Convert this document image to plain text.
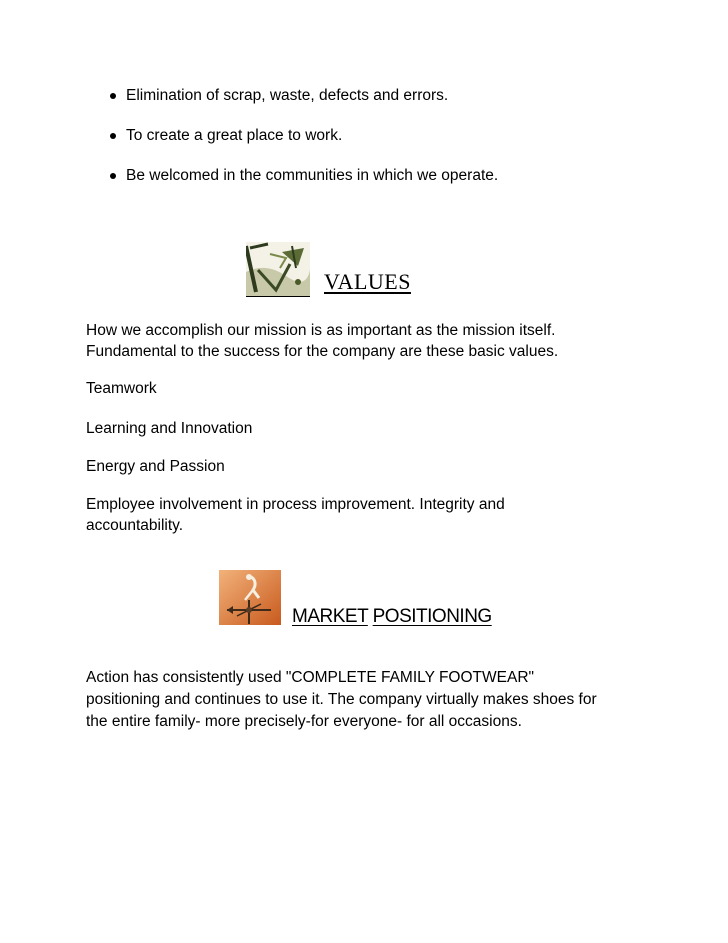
Elimination of scrap, waste, defects and errors.
To create a great place to work.
Be welcomed in the communities in which we operate.
VALUES

How we accomplish our mission is as important as the mission itself.

Fundamental to the success for the company are these basic values.

Teamwork

Learning and Innovation

Energy and Passion

Employee involvement in process improvement. Integrity and

accountability.

MARKET POSITIONING

Action has consistently used "COMPLETE FAMILY FOOTWEAR"

positioning and continues to use it. The company virtually makes shoes for

the entire family- more precisely-for everyone- for all occasions.
